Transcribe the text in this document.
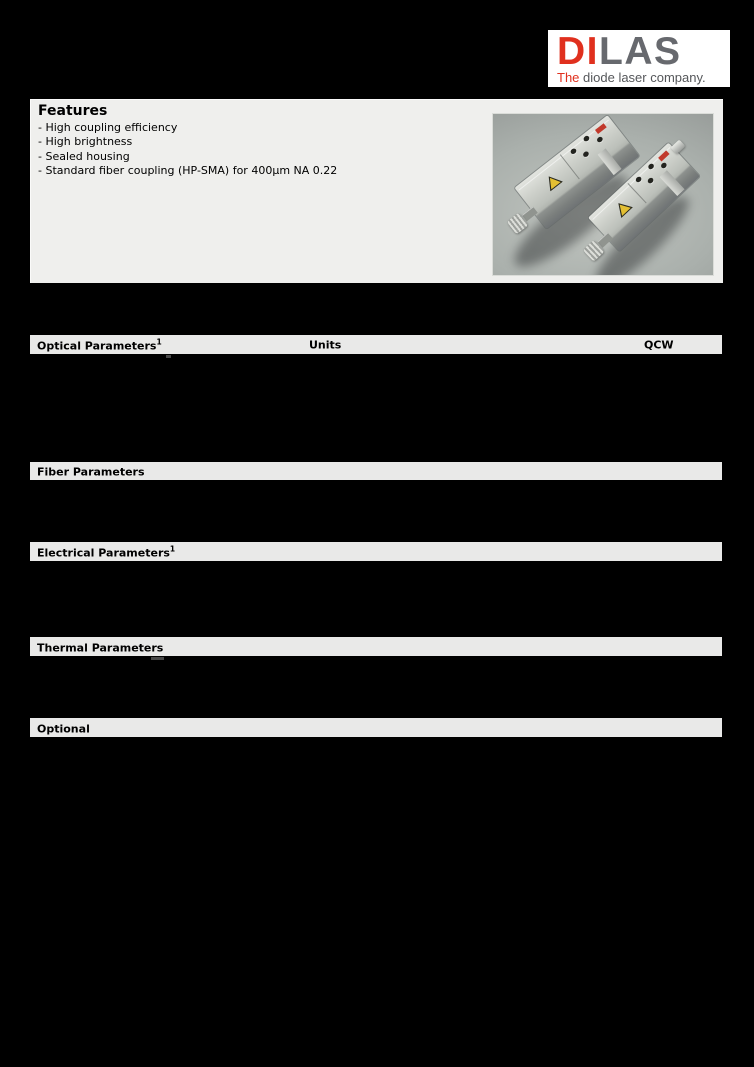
DILAS
The diode laser company.
Features
- High coupling efficiency
- High brightness
- Sealed housing
- Standard fiber coupling (HP-SMA) for 400µm NA 0.22
Optical Parameters$^1$	Units	QCW
Fiber Parameters
Electrical Parameters$^1$
Thermal Parameters
Optional
